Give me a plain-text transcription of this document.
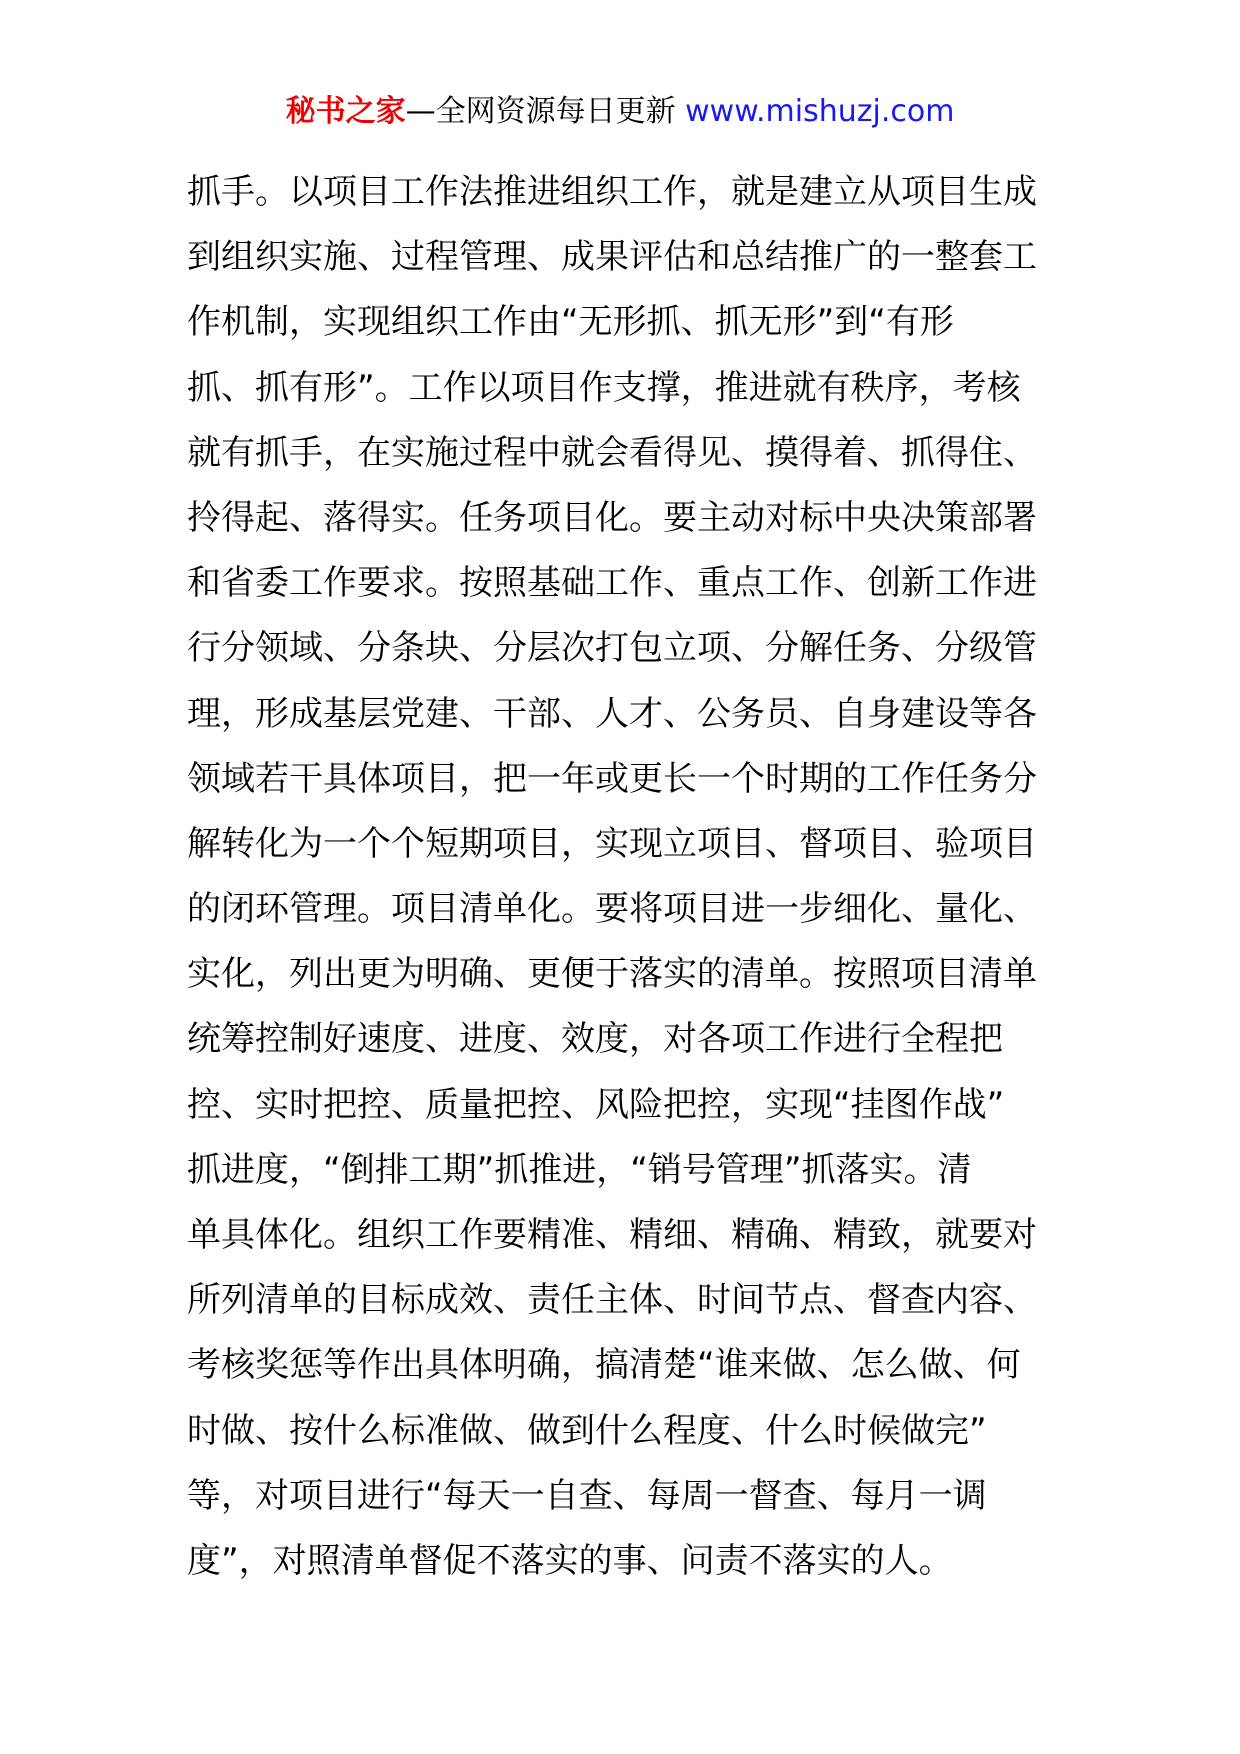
秘书之家—全网资源每日更新 www.mishuzj.com
抓手。以项目工作法推进组织工作，就是建立从项目生成
到组织实施、过程管理、成果评估和总结推广的一整套工
作机制，实现组织工作由“无形抓、抓无形”到“有形
抓、抓有形”。工作以项目作支撑，推进就有秩序，考核
就有抓手，在实施过程中就会看得见、摸得着、抓得住、
拎得起、落得实。任务项目化。要主动对标中央决策部署
和省委工作要求。按照基础工作、重点工作、创新工作进
行分领域、分条块、分层次打包立项、分解任务、分级管
理，形成基层党建、干部、人才、公务员、自身建设等各
领域若干具体项目，把一年或更长一个时期的工作任务分
解转化为一个个短期项目，实现立项目、督项目、验项目
的闭环管理。项目清单化。要将项目进一步细化、量化、
实化，列出更为明确、更便于落实的清单。按照项目清单
统筹控制好速度、进度、效度，对各项工作进行全程把
控、实时把控、质量把控、风险把控，实现“挂图作战”
抓进度，“倒排工期”抓推进，“销号管理”抓落实。清
单具体化。组织工作要精准、精细、精确、精致，就要对
所列清单的目标成效、责任主体、时间节点、督查内容、
考核奖惩等作出具体明确，搞清楚“谁来做、怎么做、何
时做、按什么标准做、做到什么程度、什么时候做完”
等，对项目进行“每天一自查、每周一督查、每月一调
度”，对照清单督促不落实的事、问责不落实的人。
